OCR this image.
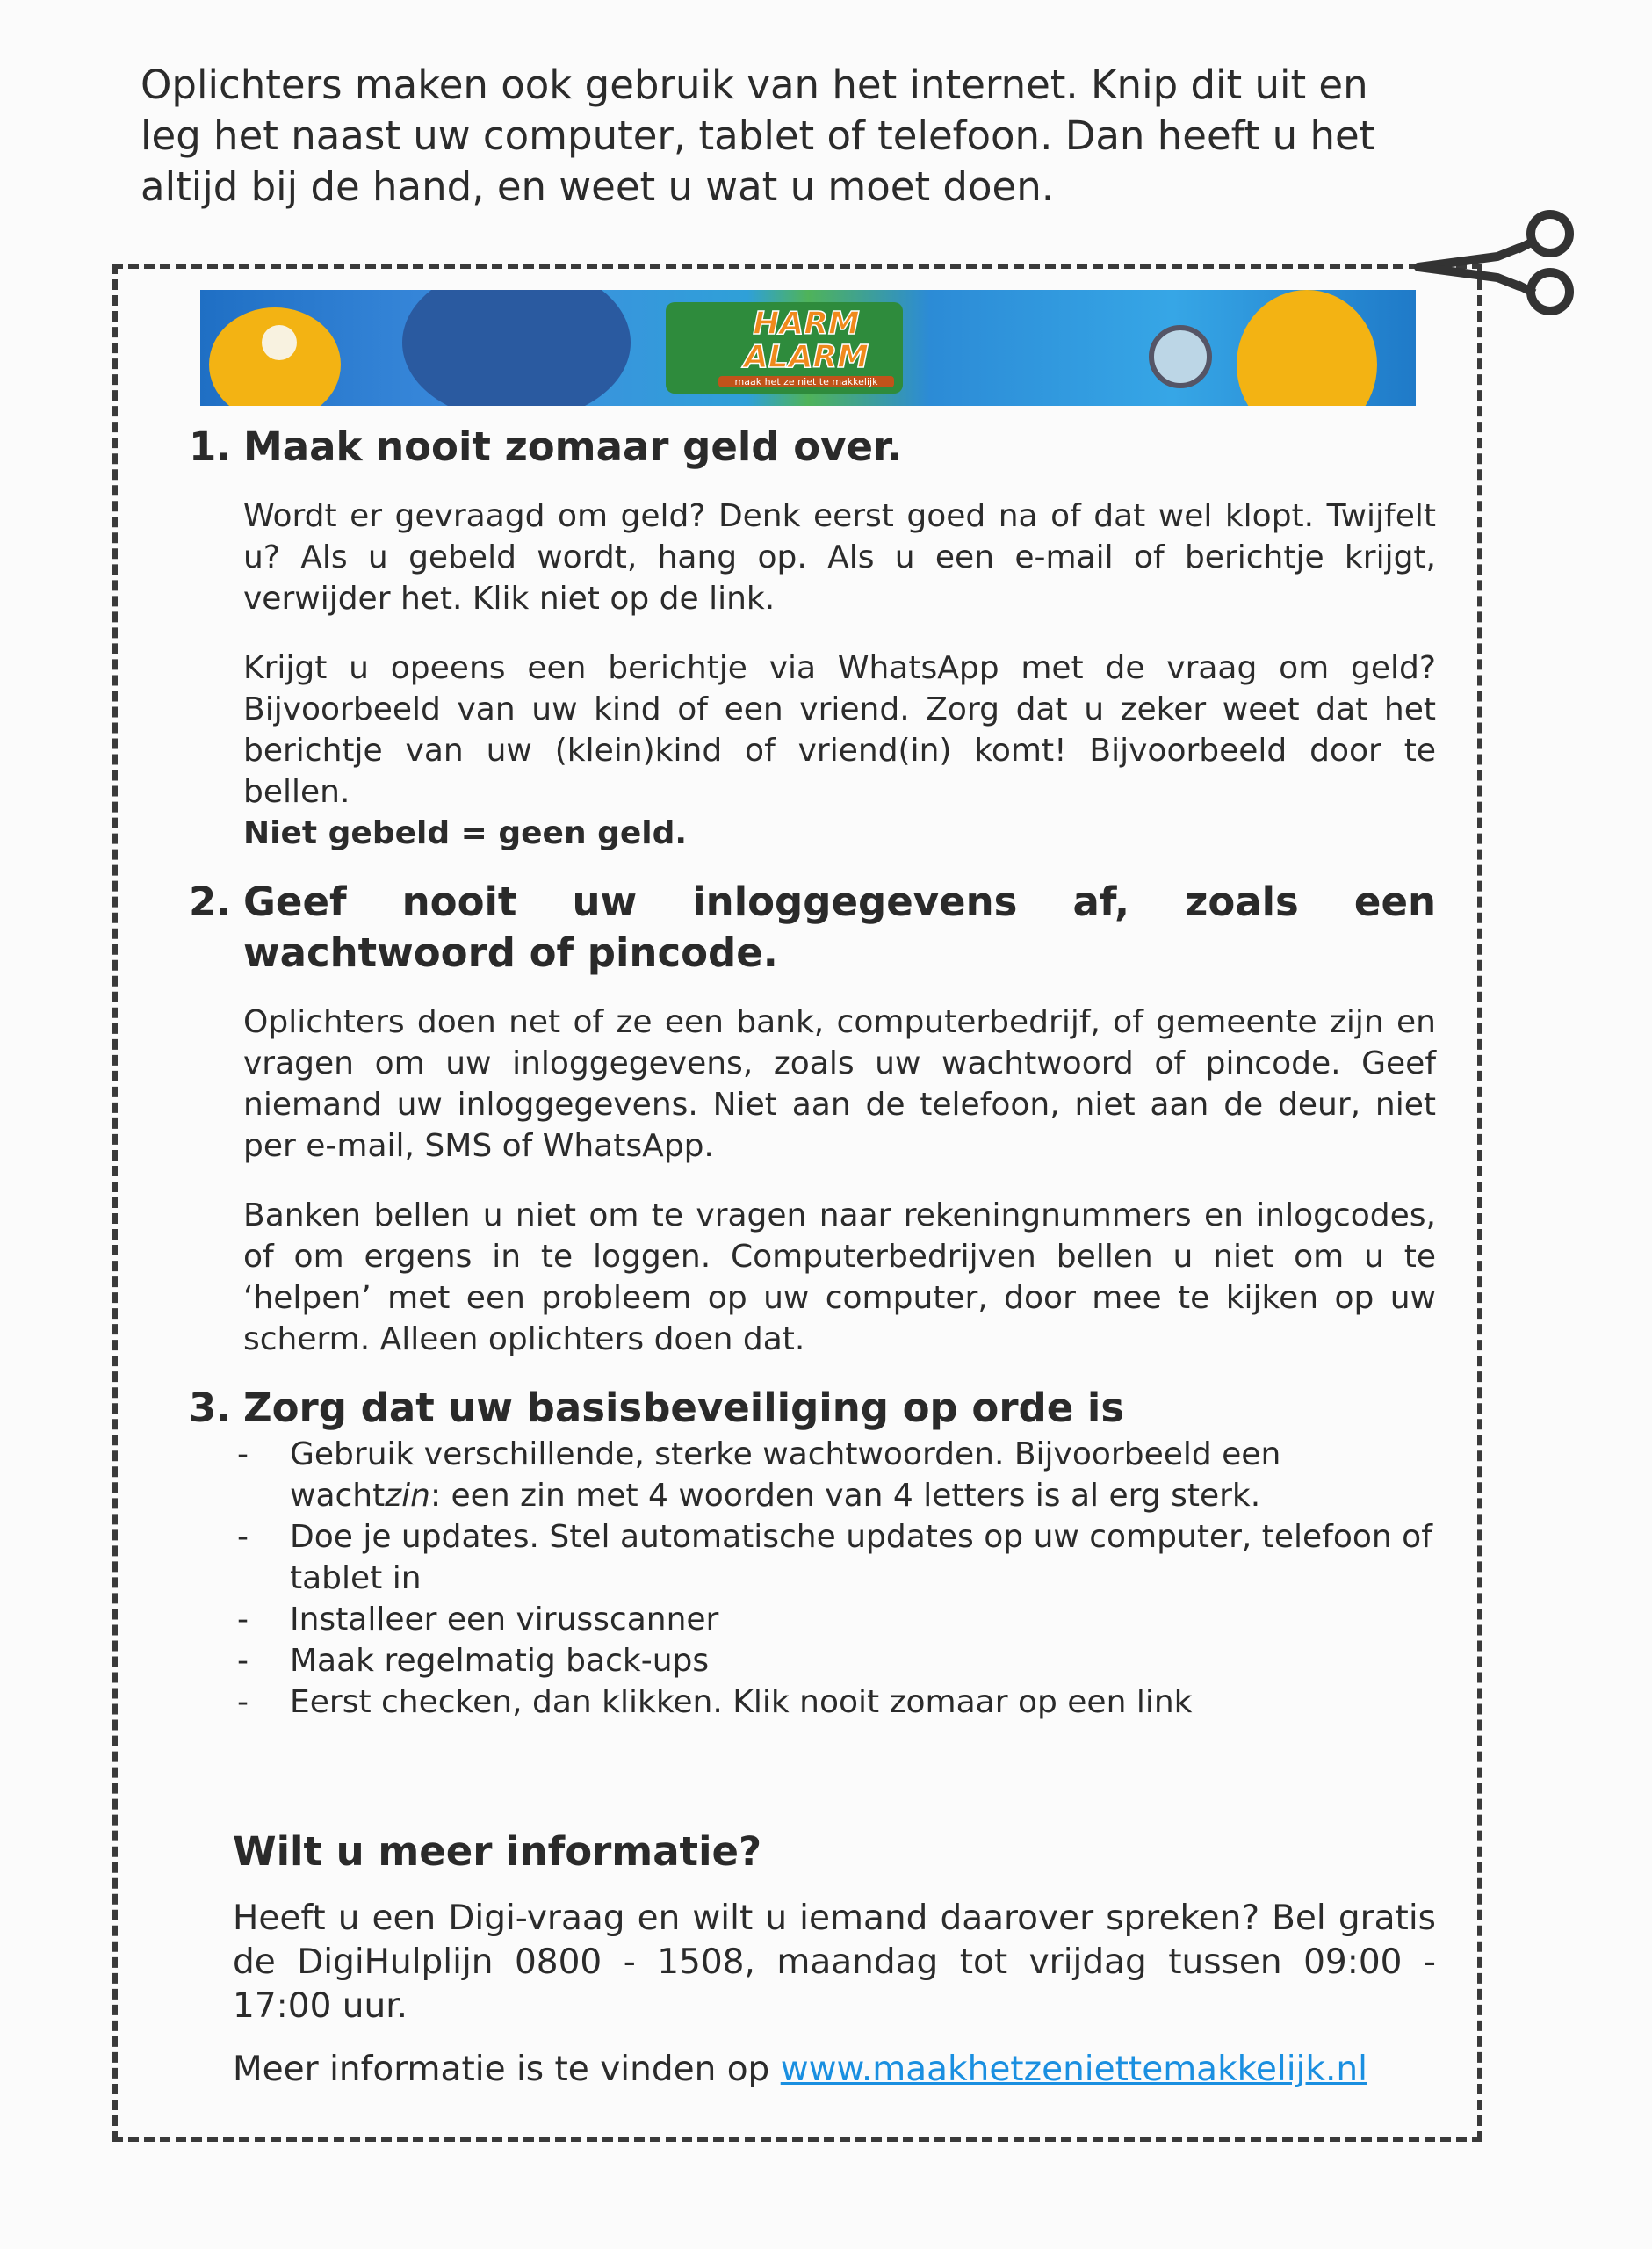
Oplichters maken ook gebruik van het internet. Knip dit uit en leg het naast uw computer, tablet of telefoon. Dan heeft u het altijd bij de hand, en weet u wat u moet doen.
HARM
ALARM
maak het ze niet te makkelijk
1. Maak nooit zomaar geld over.

Wordt er gevraagd om geld? Denk eerst goed na of dat wel klopt. Twijfelt u? Als u gebeld wordt, hang op. Als u een e-mail of berichtje krijgt, verwijder het. Klik niet op de link.

Krijgt u opeens een berichtje via WhatsApp met de vraag om geld? Bijvoorbeeld van uw kind of een vriend. Zorg dat u zeker weet dat het berichtje van uw (klein)kind of vriend(in) komt! Bijvoorbeeld door te bellen.
Niet gebeld = geen geld.

2. Geef nooit uw inloggegevens af, zoals een wachtwoord of pincode.

Oplichters doen net of ze een bank, computerbedrijf, of gemeente zijn en vragen om uw inloggegevens, zoals uw wachtwoord of pincode. Geef niemand uw inloggegevens. Niet aan de telefoon, niet aan de deur, niet per e-mail, SMS of WhatsApp.

Banken bellen u niet om te vragen naar rekeningnummers en inlogcodes, of om ergens in te loggen. Computerbedrijven bellen u niet om u te ‘helpen’ met een probleem op uw computer, door mee te kijken op uw scherm. Alleen oplichters doen dat.

3. Zorg dat uw basisbeveiliging op orde is
-	Gebruik verschillende, sterke wachtwoorden. Bijvoorbeeld een wachtzin: een zin met 4 woorden van 4 letters is al erg sterk.
-	Doe je updates. Stel automatische updates op uw computer, telefoon of tablet in
-	Installeer een virusscanner
-	Maak regelmatig back-ups
-	Eerst checken, dan klikken. Klik nooit zomaar op een link
Wilt u meer informatie?

Heeft u een Digi-vraag en wilt u iemand daarover spreken? Bel gratis de DigiHulplijn 0800 - 1508, maandag tot vrijdag tussen 09:00 - 17:00 uur.

Meer informatie is te vinden op www.maakhetzeniettemakkelijk.nl
